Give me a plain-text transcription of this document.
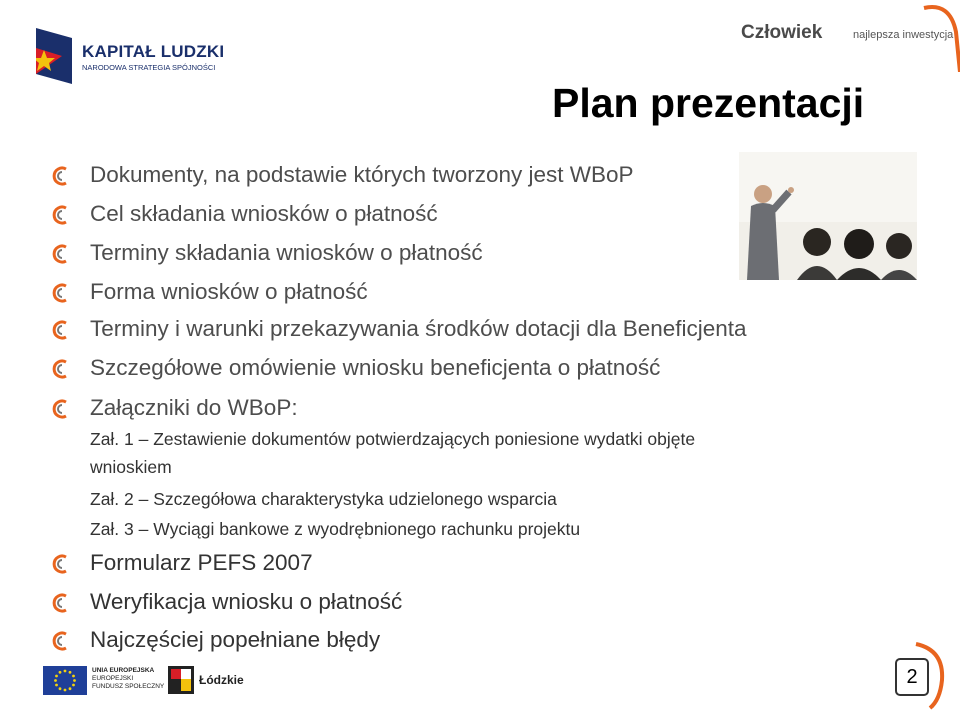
KAPITAŁ LUDZKI
NARODOWA STRATEGIA SPÓJNOŚCI
Człowiek	najlepsza inwestycja
Plan prezentacji
Dokumenty, na podstawie których tworzony jest WBoP
Cel składania wniosków o płatność
Terminy składania wniosków o płatność
Forma wniosków o płatność
Terminy i warunki przekazywania środków dotacji dla Beneficjenta
Szczegółowe omówienie wniosku beneficjenta o płatność
Załączniki do WBoP:
Zał. 1 – Zestawienie dokumentów potwierdzających poniesione wydatki objęte
wnioskiem
Zał. 2 – Szczegółowa charakterystyka udzielonego wsparcia
Zał. 3 – Wyciągi bankowe z wyodrębnionego rachunku projektu
Formularz PEFS 2007
Weryfikacja wniosku o płatność
Najczęściej popełniane błędy
UNIA EUROPEJSKA
EUROPEJSKI
FUNDUSZ SPOŁECZNY	Łódzkie	2
